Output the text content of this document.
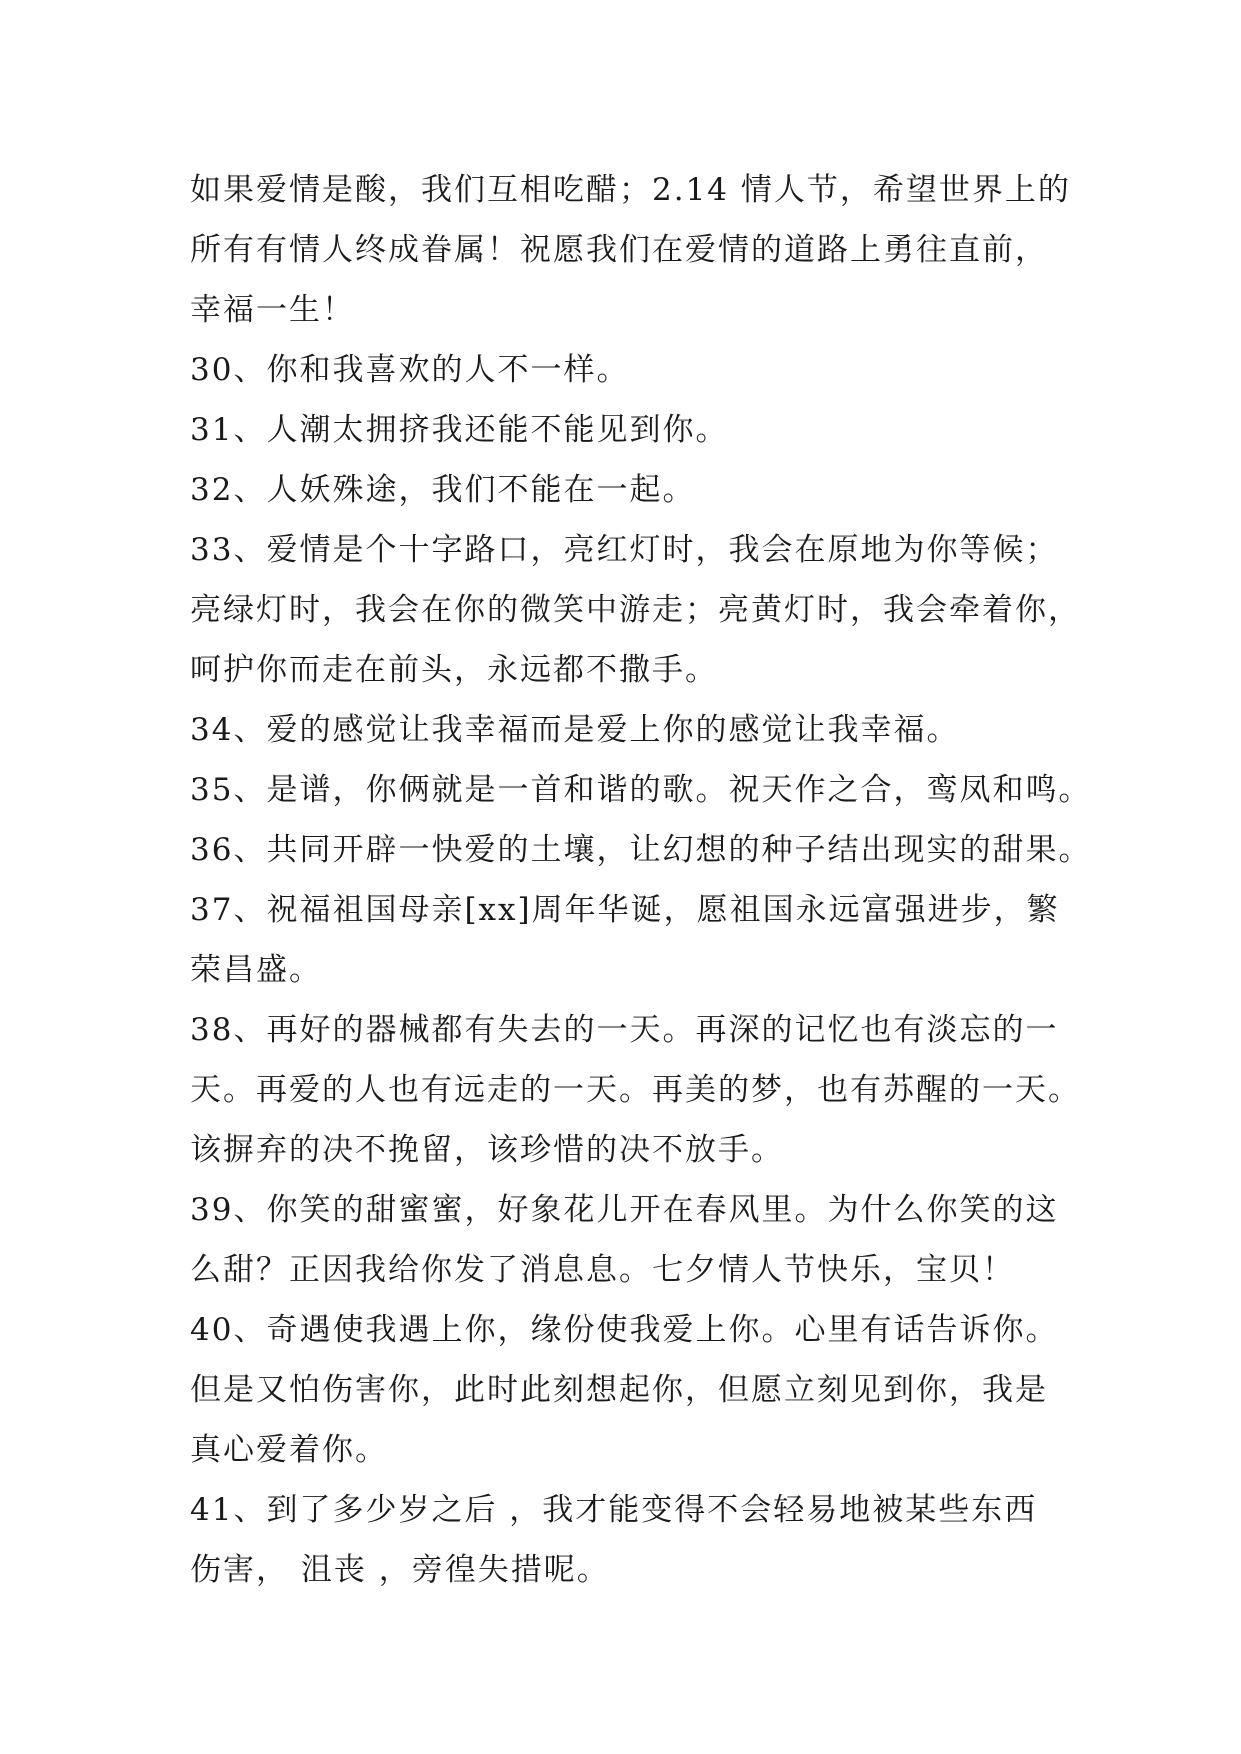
如果爱情是酸，我们互相吃醋；2.14 情人节，希望世界上的
所有有情人终成眷属！祝愿我们在爱情的道路上勇往直前，
幸福一生！
30、你和我喜欢的人不一样。
31、人潮太拥挤我还能不能见到你。
32、人妖殊途，我们不能在一起。
33、爱情是个十字路口，亮红灯时，我会在原地为你等候；
亮绿灯时，我会在你的微笑中游走；亮黄灯时，我会牵着你，
呵护你而走在前头，永远都不撒手。
34、爱的感觉让我幸福而是爱上你的感觉让我幸福。
35、是谱，你俩就是一首和谐的歌。祝天作之合，鸾凤和鸣。
36、共同开辟一快爱的土壤，让幻想的种子结出现实的甜果。
37、祝福祖国母亲[xx]周年华诞，愿祖国永远富强进步，繁
荣昌盛。
38、再好的器械都有失去的一天。再深的记忆也有淡忘的一
天。再爱的人也有远走的一天。再美的梦，也有苏醒的一天。
该摒弃的决不挽留，该珍惜的决不放手。
39、你笑的甜蜜蜜，好象花儿开在春风里。为什么你笑的这
么甜？正因我给你发了消息息。七夕情人节快乐，宝贝！
40、奇遇使我遇上你，缘份使我爱上你。心里有话告诉你。
但是又怕伤害你，此时此刻想起你，但愿立刻见到你，我是
真心爱着你。
41、到了多少岁之后 ，我才能变得不会轻易地被某些东西
伤害， 沮丧 ，旁徨失措呢。
